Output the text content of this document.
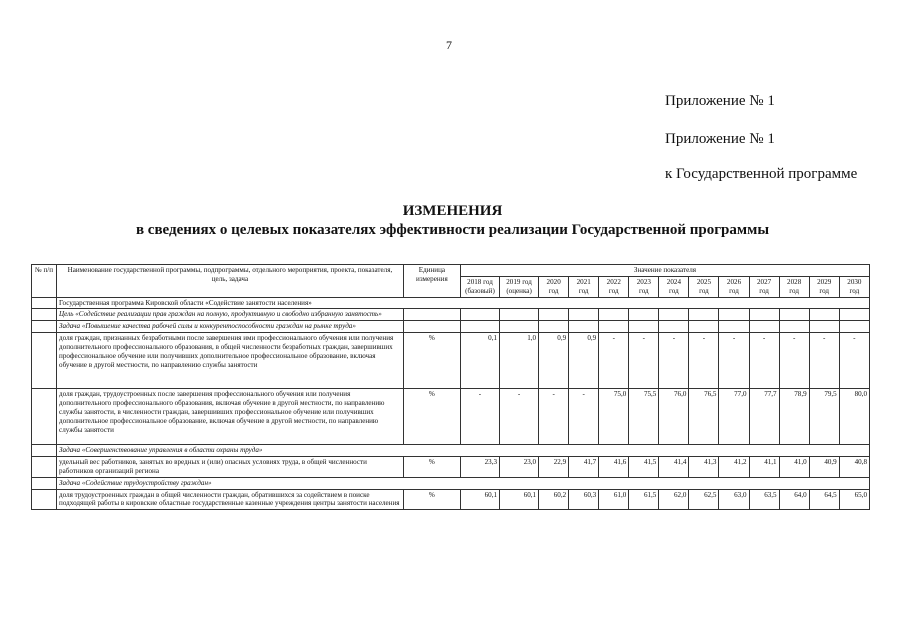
7
Приложение № 1
Приложение № 1
к Государственной программе
ИЗМЕНЕНИЯ
в сведениях о целевых показателях эффективности реализации Государственной программы
№ п/п	Наименование государственной программы, подпрограммы, отдельного мероприятия, проекта, показателя, цель, задача	Единица измерения	Значение показателя												
			2018 год (базовый)	2019 год (оценка)	2020 год	2021 год	2022 год	2023 год	2024 год	2025 год	2026 год	2027 год	2028 год	2029 год	2030 год
	Государственная программа Кировской области «Содействие занятости населения»														
	Цель «Содействие реализации прав граждан на полную, продуктивную и свободно избранную занятость»														
	Задача «Повышение качества рабочей силы и конкурентоспособности граждан на рынке труда»														
	доля граждан, признанных безработными после завершения ими профессионального обучения или получения дополнительного профессионального образования, в общей численности безработных граждан, завершивших профессиональное обучение или получивших дополнительное профессиональное образование, включая обучение в другой местности, по направлению службы занятости	%	0,1	1,0	0,9	0,9	-	-	-	-	-	-	-	-	-
	доля граждан, трудоустроенных после завершения профессионального обучения или получения дополнительного профессионального образования, включая обучение в другой местности, по направлению службы занятости, в численности граждан, завершивших профессиональное обучение или получивших дополнительное профессиональное образование, включая обучение в другой местности, по направлению службы занятости	%	-	-	-	-	75,0	75,5	76,0	76,5	77,0	77,7	78,9	79,5	80,0
	Задача «Совершенствование управления в области охраны труда»														
	удельный вес работников, занятых во вредных и (или) опасных условиях труда, в общей численности работников организаций региона	%	23,3	23,0	22,9	41,7	41,6	41,5	41,4	41,3	41,2	41,1	41,0	40,9	40,8
	Задача «Содействие трудоустройству граждан»														
	доля трудоустроенных граждан в общей численности граждан, обратившихся за содействием в поиске подходящей работы в кировские областные государственные казенные учреждения центры занятости населения	%	60,1	60,1	60,2	60,3	61,0	61,5	62,0	62,5	63,0	63,5	64,0	64,5	65,0
